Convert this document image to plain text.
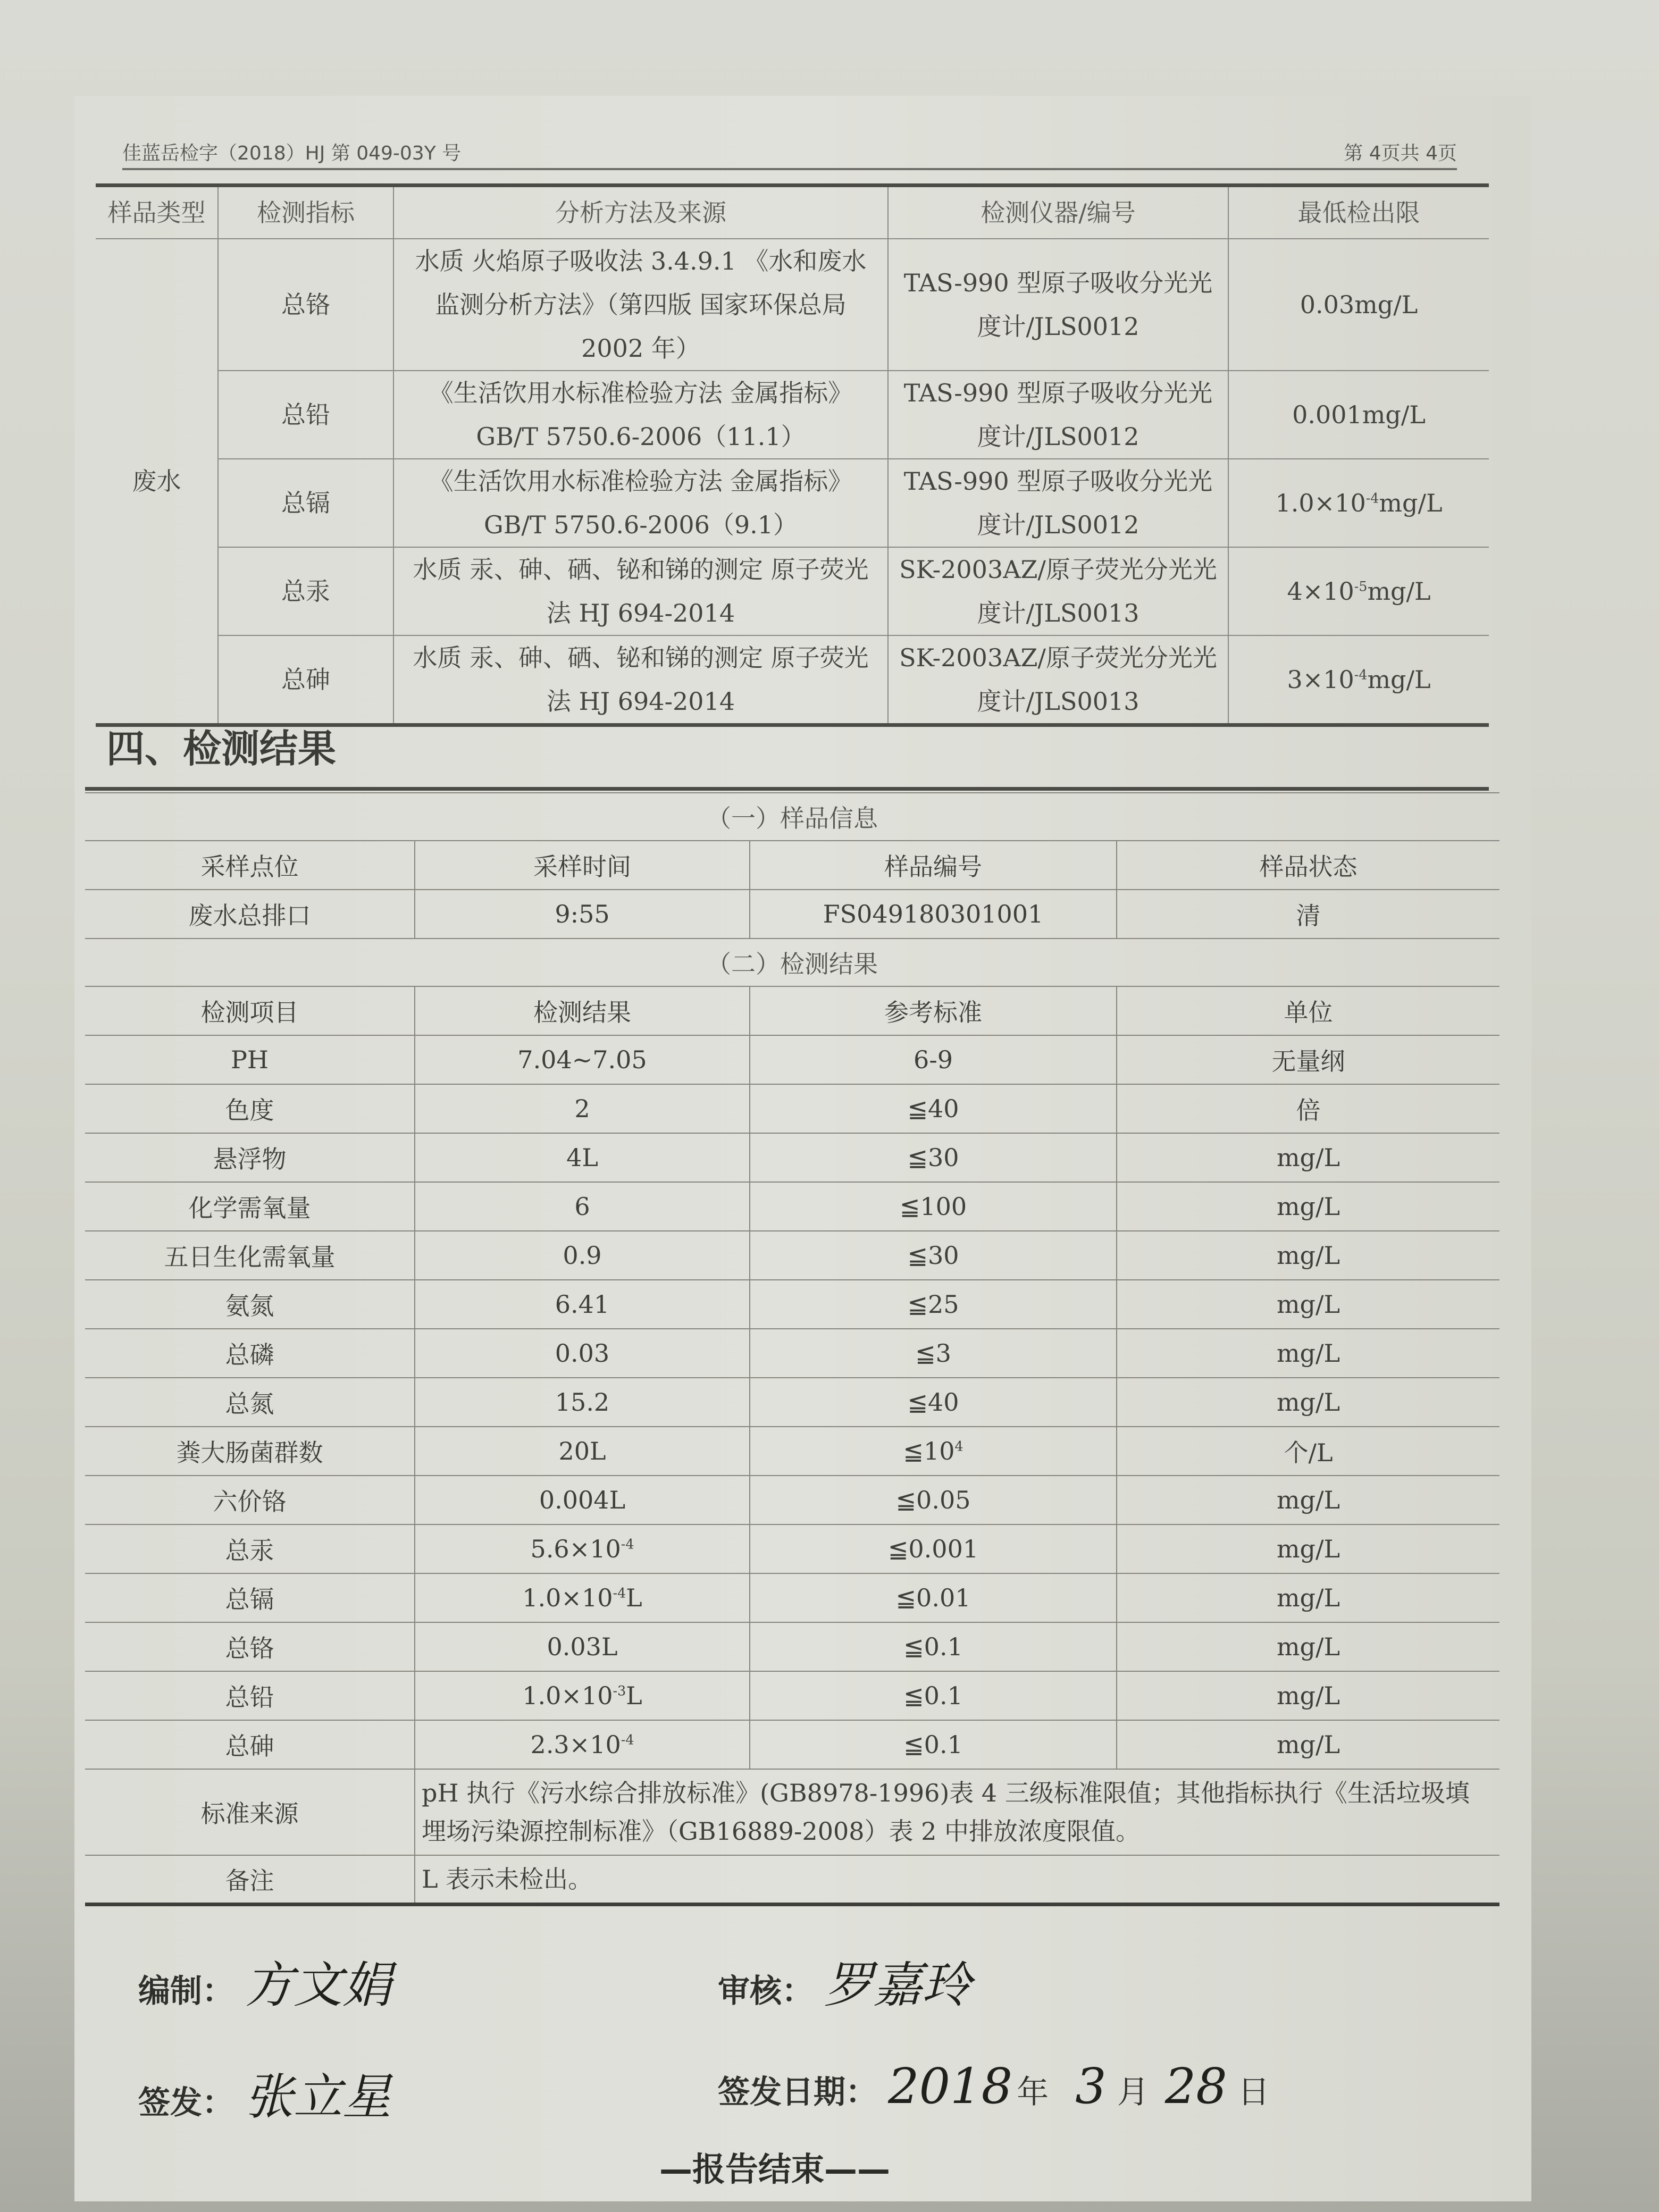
佳蓝岳检字（2018）HJ 第 049-03Y 号	第 4页共 4页
样品类型	检测指标	分析方法及来源	检测仪器/编号	最低检出限
废水	总铬	水质 火焰原子吸收法 3.4.9.1 《水和废水监测分析方法》（第四版 国家环保总局 2002 年）	TAS-990 型原子吸收分光光度计/JLS0012	0.03mg/L
	总铅	《生活饮用水标准检验方法 金属指标》 GB/T 5750.6-2006（11.1）	TAS-990 型原子吸收分光光度计/JLS0012	0.001mg/L
	总镉	《生活饮用水标准检验方法 金属指标》 GB/T 5750.6-2006（9.1）	TAS-990 型原子吸收分光光度计/JLS0012	$1.0\times 10^{-4}mg/L$
	总汞	水质 汞、砷、硒、铋和锑的测定 原子荧光法 HJ 694-2014	SK-2003AZ/原子荧光分光光度计/JLS0013	$4\times 10^{-5}mg/L$
	总砷	水质 汞、砷、硒、铋和锑的测定 原子荧光法 HJ 694-2014	SK-2003AZ/原子荧光分光光度计/JLS0013	$3\times 10^{-4}mg/L$
四、检测结果
（一）样品信息			
采样点位	采样时间	样品编号	样品状态
废水总排口	9:55	FS049180301001	清
（二）检测结果			
检测项目	检测结果	参考标准	单位
PH	7.04~7.05	6-9	无量纲
色度	2	≦40	倍
悬浮物	4L	≦30	mg/L
化学需氧量	6	≦100	mg/L
五日生化需氧量	0.9	≦30	mg/L
氨氮	6.41	≦25	mg/L
总磷	0.03	≦3	mg/L
总氮	15.2	≦40	mg/L
粪大肠菌群数	20L	$≦10^4$	个/L
六价铬	0.004L	≦0.05	mg/L
总汞	$5.6\times 10^{-4}$	≦0.001	mg/L
总镉	$1.0\times 10^{-4}L$	≦0.01	mg/L
总铬	0.03L	≦0.1	mg/L
总铅	$1.0\times 10^{-3}L$	≦0.1	mg/L
总砷	$2.3\times 10^{-4}$	≦0.1	mg/L
标准来源	pH 执行《污水综合排放标准》(GB8978-1996)表 4 三级标准限值；其他指标执行《生活垃圾填埋场污染源控制标准》（GB16889-2008）表 2 中排放浓度限值。		
备注	L 表示未检出。		
编制： 方文娟	审核： 罗嘉玲
签发： 张立星	签发日期： 2018 年 3 月 28 日
—报告结束——
